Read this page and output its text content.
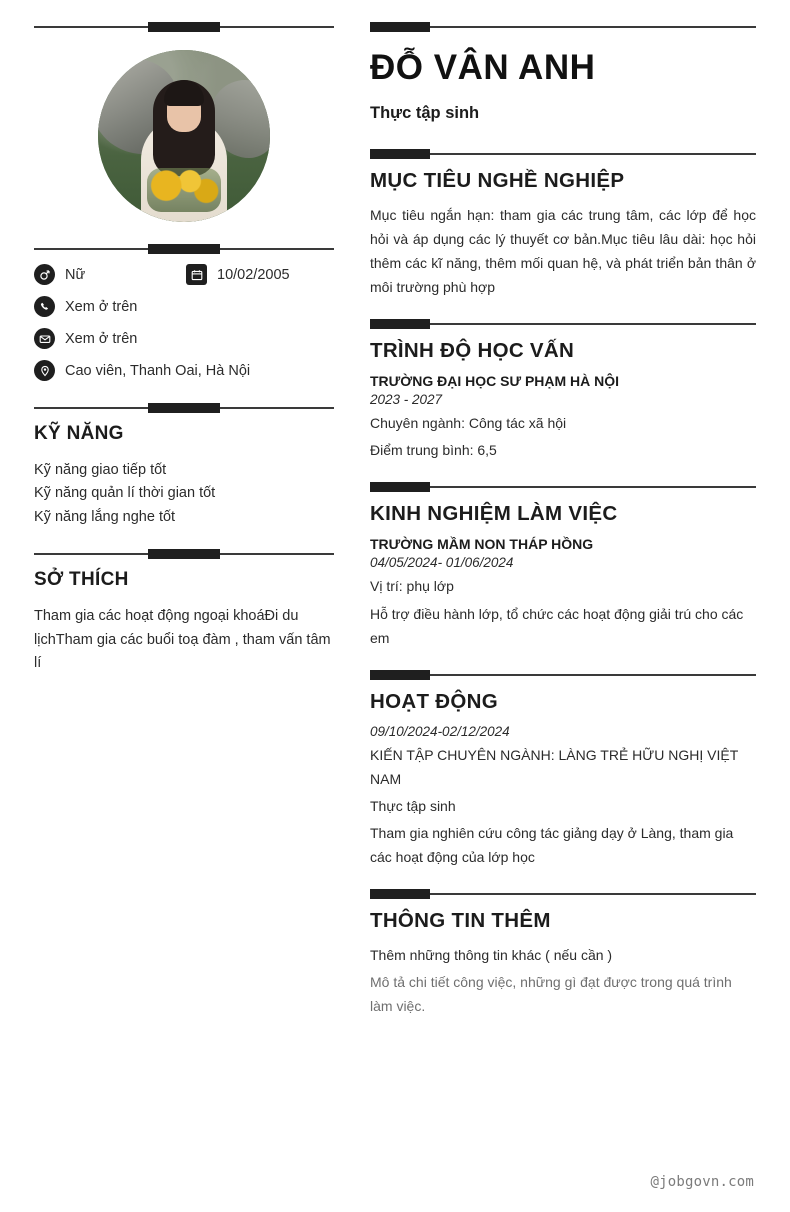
Nữ	10/02/2005
Xem ở trên
Xem ở trên
Cao viên, Thanh Oai, Hà Nội
KỸ NĂNG
Kỹ năng giao tiếp tốt
Kỹ năng quản lí thời gian tốt
Kỹ năng lắng nghe tốt
SỞ THÍCH
Tham gia các hoạt động ngoại khoáĐi du lịchTham gia các buổi toạ đàm , tham vấn tâm lí
ĐỖ VÂN ANH
Thực tập sinh
MỤC TIÊU NGHỀ NGHIỆP
Mục tiêu ngắn hạn: tham gia các trung tâm, các lớp để học hỏi và áp dụng các lý thuyết cơ bản.Mục tiêu lâu dài: học hỏi thêm các kĩ năng, thêm mối quan hệ, và phát triển bản thân ở môi trường phù hợp
TRÌNH ĐỘ HỌC VẤN
TRƯỜNG ĐẠI HỌC SƯ PHẠM HÀ NỘI
2023 - 2027
Chuyên ngành: Công tác xã hội
Điểm trung bình: 6,5
KINH NGHIỆM LÀM VIỆC
TRƯỜNG MẦM NON THÁP HỒNG
04/05/2024- 01/06/2024
Vị trí: phụ lớp
Hỗ trợ điều hành lớp, tổ chức các hoạt động giải trú cho các em
HOẠT ĐỘNG
09/10/2024-02/12/2024
KIẾN TẬP CHUYÊN NGÀNH: LÀNG TRẺ HỮU NGHỊ VIỆT NAM
Thực tập sinh
Tham gia nghiên cứu công tác giảng dạy ở Làng, tham gia các hoạt động của lớp học
THÔNG TIN THÊM
Thêm những thông tin khác ( nếu cần )
Mô tả chi tiết công việc, những gì đạt được trong quá trình làm việc.
@jobgovn.com
